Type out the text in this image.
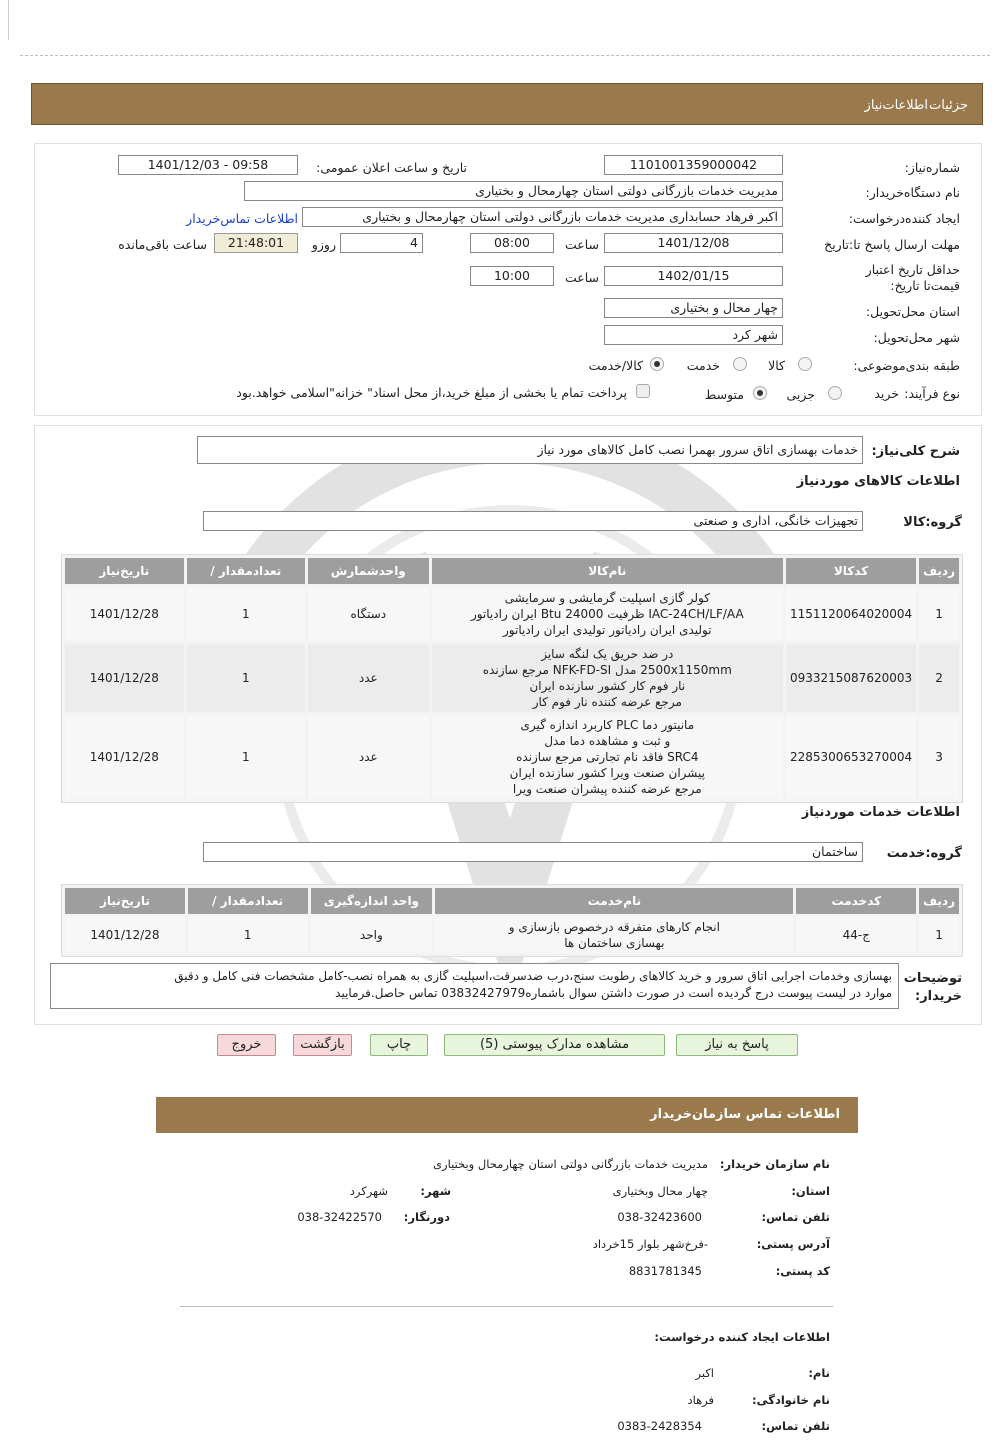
جزئیات
اطلاعات‌نیاز
شماره‌نیاز:
1101001359000042
تاریخ و ساعت اعلان عمومی:
1401/12/03 - 09:58
نام دستگاه‌خریدار:
مدیریت خدمات بازرگانی دولتی استان چهارمحال و بختیاری
ایجاد کننده‌درخواست:
اکبر فرهاد حسابداری مدیریت خدمات بازرگانی دولتی استان چهارمحال و بختیاری
اطلاعات تماس‌خریدار
مهلت ارسال پاسخ تا:تاریخ
1401/12/08
ساعت
08:00
4
روزو
21:48:01
ساعت باقی‌مانده
حداقل تاریخ اعتبار قیمت‌تا تاریخ:
1402/01/15
ساعت
10:00
استان محل‌تحویل:
چهار محال و بختیاری
شهر محل‌تحویل:
شهر کرد
طبقه بندی‌موضوعی:
کالا
خدمت
کالا/خدمت
نوع فرآیند:
خرید
جزیی
متوسط
پرداخت تمام یا بخشی از مبلغ خرید،از محل اسناد" خزانه"اسلامی خواهد.بود
شرح کلی‌نیاز:
خدمات بهسازی اتاق سرور بهمرا نصب کامل کالاهای مورد نیاز
اطلاعات کالاهای موردنیاز
گروه:کالا
تجهیزات خانگی، اداری و صنعتی
ردیف	کدکالا	نام‌کالا	واحدشمارش	تعدادمقدار /	تاریخ‌نیاز
1	1151120064020004	کولر گازی اسپلیت گرمایشی و سرمایشی
IAC-24CH/LF/AA ظرفیت 24000 Btu ایران رادیاتور
تولیدی ایران رادیاتور تولیدی ایران رادیاتور	دستگاه	1	1401/12/28
2	0933215087620003	در ضد حریق یک لنگه سایز
2500x1150mm مدل NFK-FD-SI مرجع سازنده
نار فوم کار کشور سازنده ایران
مرجع عرضه کننده نار فوم کار	عدد	1	1401/12/28
3	2285300653270004	مانیتور دما PLC کاربرد اندازه گیری
و ثبت و مشاهده دما مدل
SRC4 فاقد نام تجارتی مرجع سازنده
پیشران صنعت ویرا کشور سازنده ایران
مرجع عرضه کننده پیشران صنعت ویرا	عدد	1	1401/12/28
اطلاعات خدمات موردنیاز
گروه:خدمت
ساختمان
ردیف	کدخدمت	نام‌خدمت	واحد اندازه‌گیری	تعدادمقدار /	تاریخ‌نیاز
1	ج-44	انجام کارهای متفرقه درخصوص بازسازی و
بهسازی ساختمان ها	واحد	1	1401/12/28
توضیحات خریدار:
بهسازی وخدمات اجرایی اتاق سرور و خرید کالاهای رطوبت سنج،درب ضدسرقت،اسپلیت گازی به همراه نصب-کامل مشخصات فنی کامل و دقیق
موارد در لیست پیوست درج گردیده است در صورت داشتن سوال باشماره03832427979 تماس حاصل.فرمایید
پاسخ به نیاز
مشاهده مدارک پیوستی (5)
چاپ
بازگشت
خروج
اطلاعات تماس سازمان‌خریدار
نام سازمان خریدار:
مدیریت خدمات بازرگانی دولتی استان چهارمحال وبختیاری
استان:
چهار محال وبختیاری
شهر:
شهرکرد
تلفن تماس:
038-32423600
دورنگار:
038-32422570
آدرس پستی:
-فرخ‌شهر بلوار 15خرداد
کد پستی:
8831781345
اطلاعات ایجاد کننده درخواست:
نام:
اکبر
نام خانوادگی:
فرهاد
تلفن تماس:
0383-2428354
